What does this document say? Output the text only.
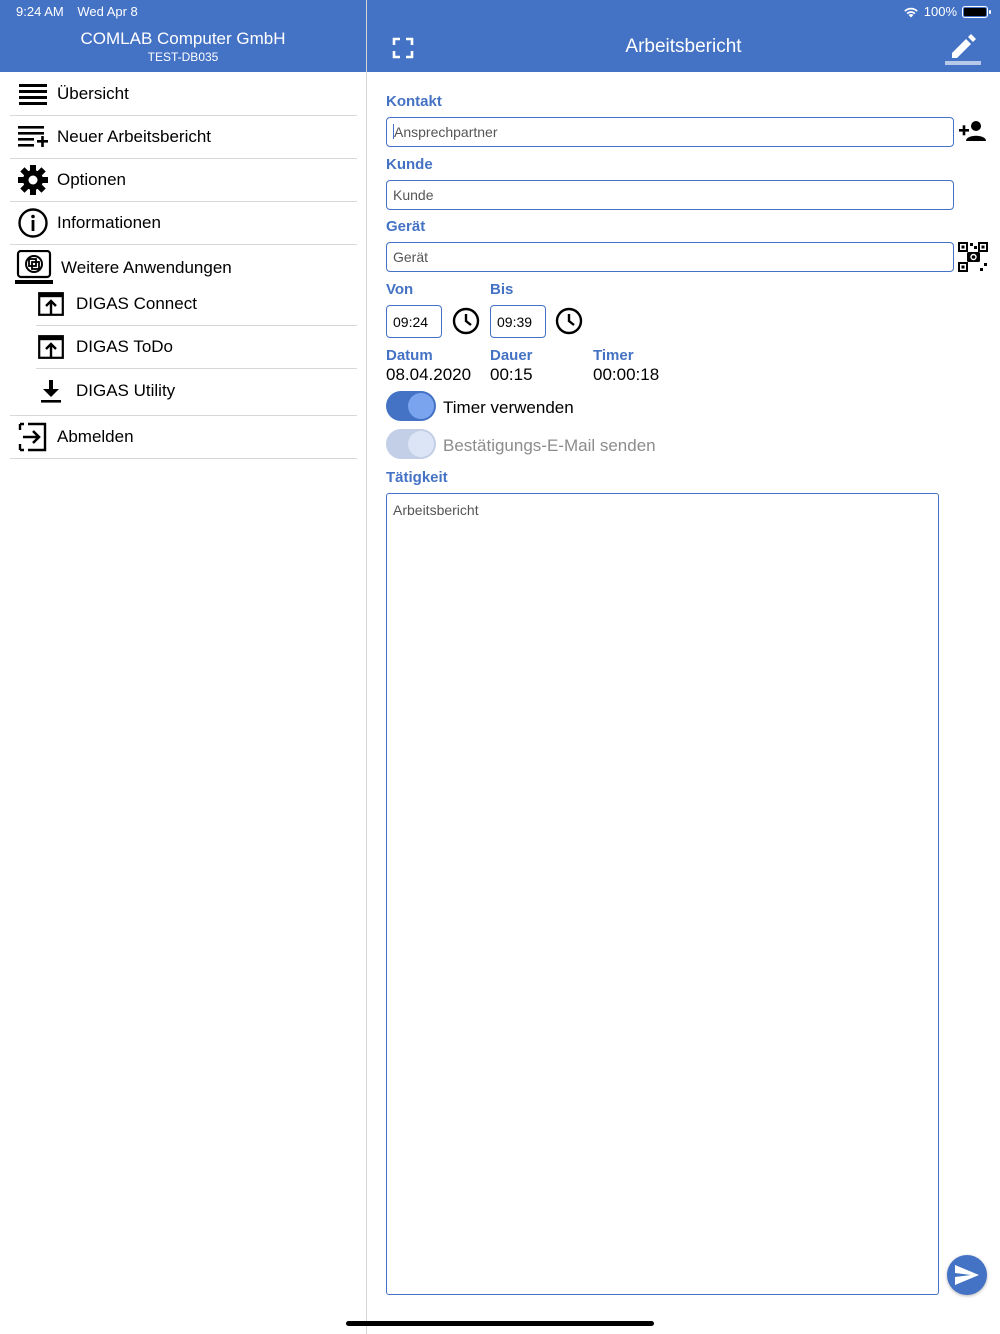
9:24 AM Wed Apr 8	100%
COMLAB Computer GmbH
TEST-DB035	Arbeitsbericht
Übersicht
Neuer Arbeitsbericht
Optionen
Informationen
Weitere Anwendungen
DIGAS Connect
DIGAS ToDo
DIGAS Utility
Abmelden
Kontakt
Ansprechpartner
Kunde
Kunde
Gerät
Gerät
Von	Bis
09:24	09:39
Datum	Dauer	Timer
08.04.2020 00:15	00:00:18
Timer verwenden
Bestätigungs-E-Mail senden
Tätigkeit
Arbeitsbericht
